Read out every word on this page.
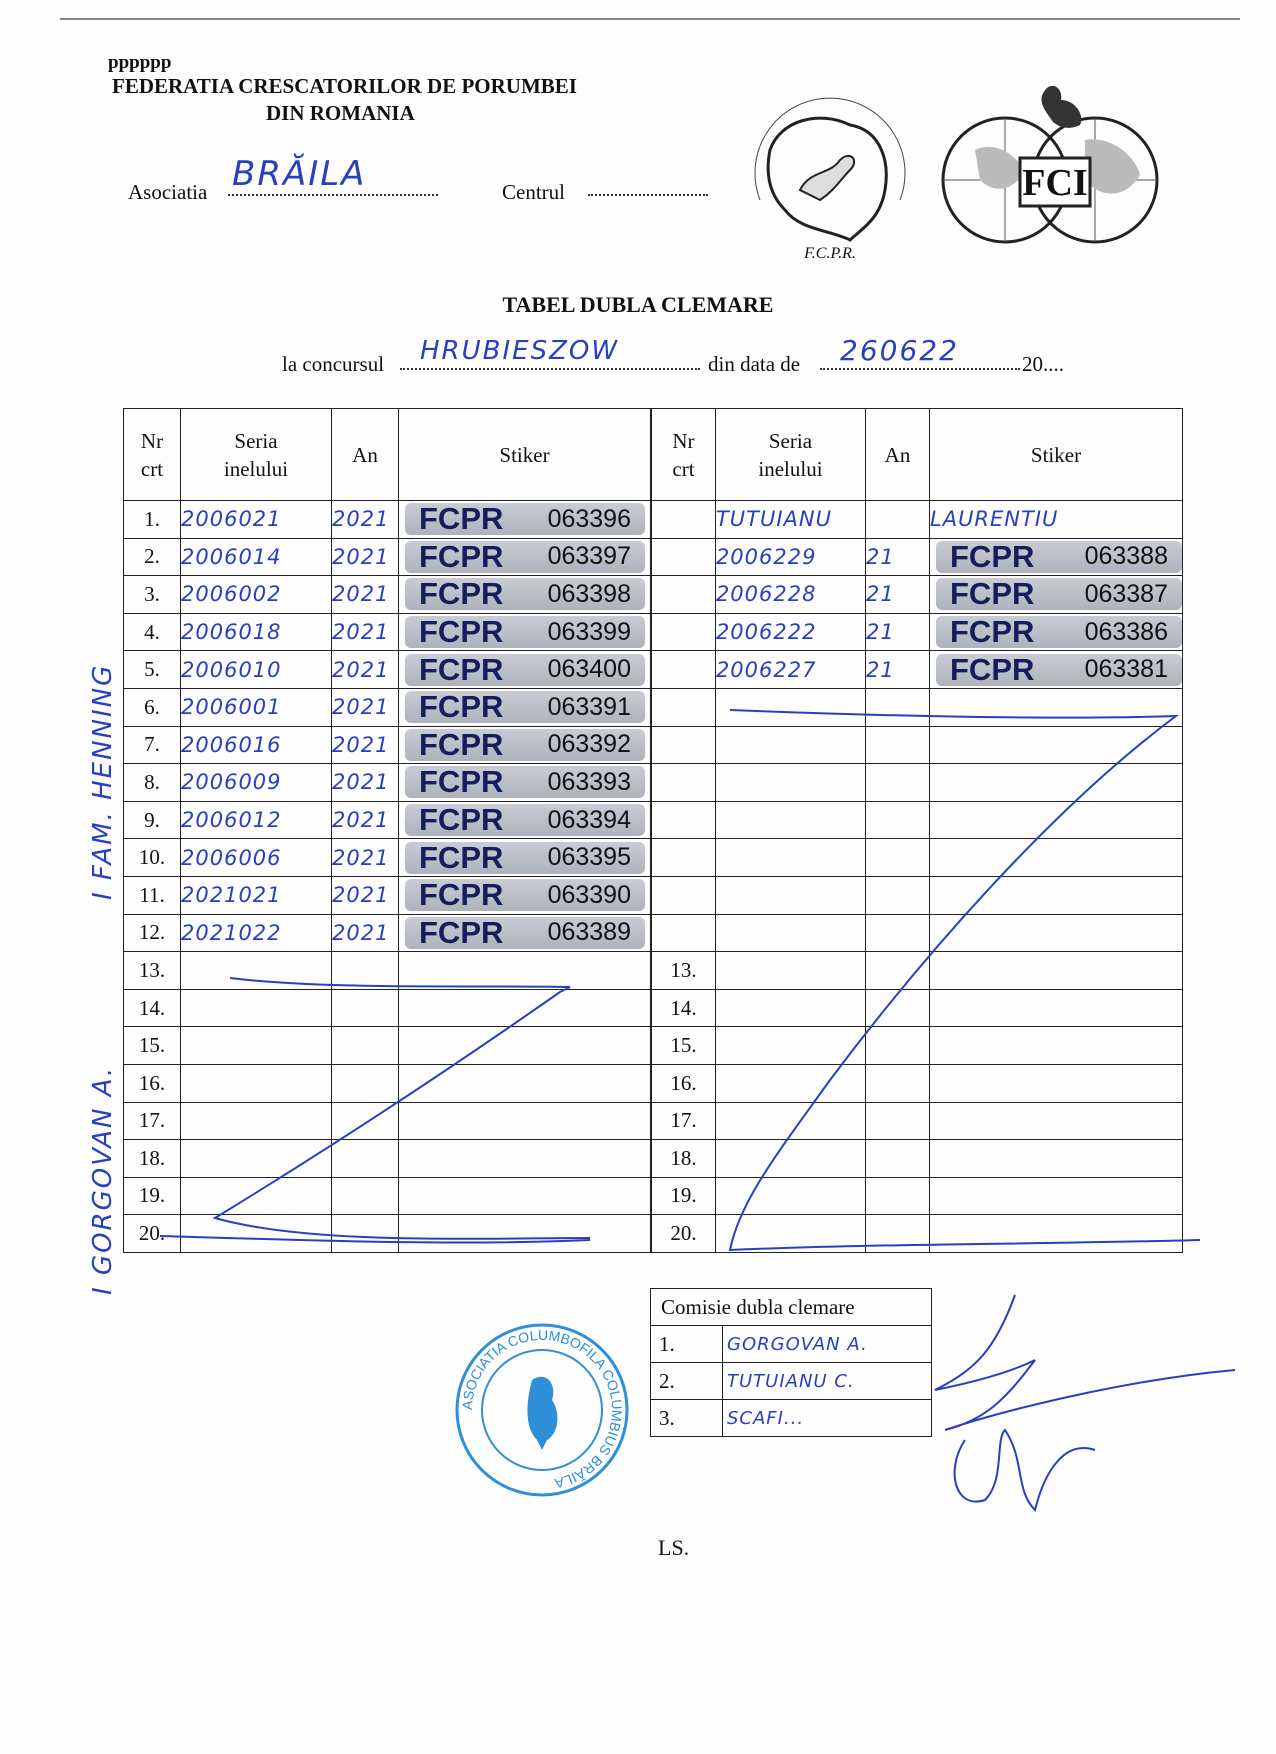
pppppp
FEDERATIA CRESCATORILOR DE PORUMBEI
DIN ROMANIA
Asociatia BRĂILA	Centrul
F.C.P.R.
FCI
TABEL DUBLA CLEMARE
la concursul HRUBIESZOW	din data de 260622	20....
Nr
crt	Seria
inelului	An	Stiker
1.	2006021	2021	FCPR 063396

2.	2006014	2021	FCPR 063397

3.	2006002	2021	FCPR 063398

4.	2006018	2021	FCPR 063399

5.	2006010	2021	FCPR 063400

6.	2006001	2021	FCPR 063391

7.	2006016	2021	FCPR 063392

8.	2006009	2021	FCPR 063393

9.	2006012	2021	FCPR 063394

10.	2006006	2021	FCPR 063395

11.	2021021	2021	FCPR 063390

12.	2021022	2021	FCPR 063389

13.			
14.			
15.			
16.			
17.			
18.			
19.			
20.			
Nr
crt	Seria
inelului	An	Stiker
	TUTUIANU		LAURENTIU
	2006229	21	FCPR 063388

	2006228	21	FCPR 063387

	2006222	21	FCPR 063386

	2006227	21	FCPR 063381

13.			
14.			
15.			
16.			
17.			
18.			
19.			
20.			
I FAM. HENNING
I GORGOVAN A.
Comisie dubla clemare	
1.	GORGOVAN A.
2.	TUTUIANU C.
3.	SCAFI...
ASOCIATIA COLUMBOFILA COLUMBIUS BRĂILA
LS.
